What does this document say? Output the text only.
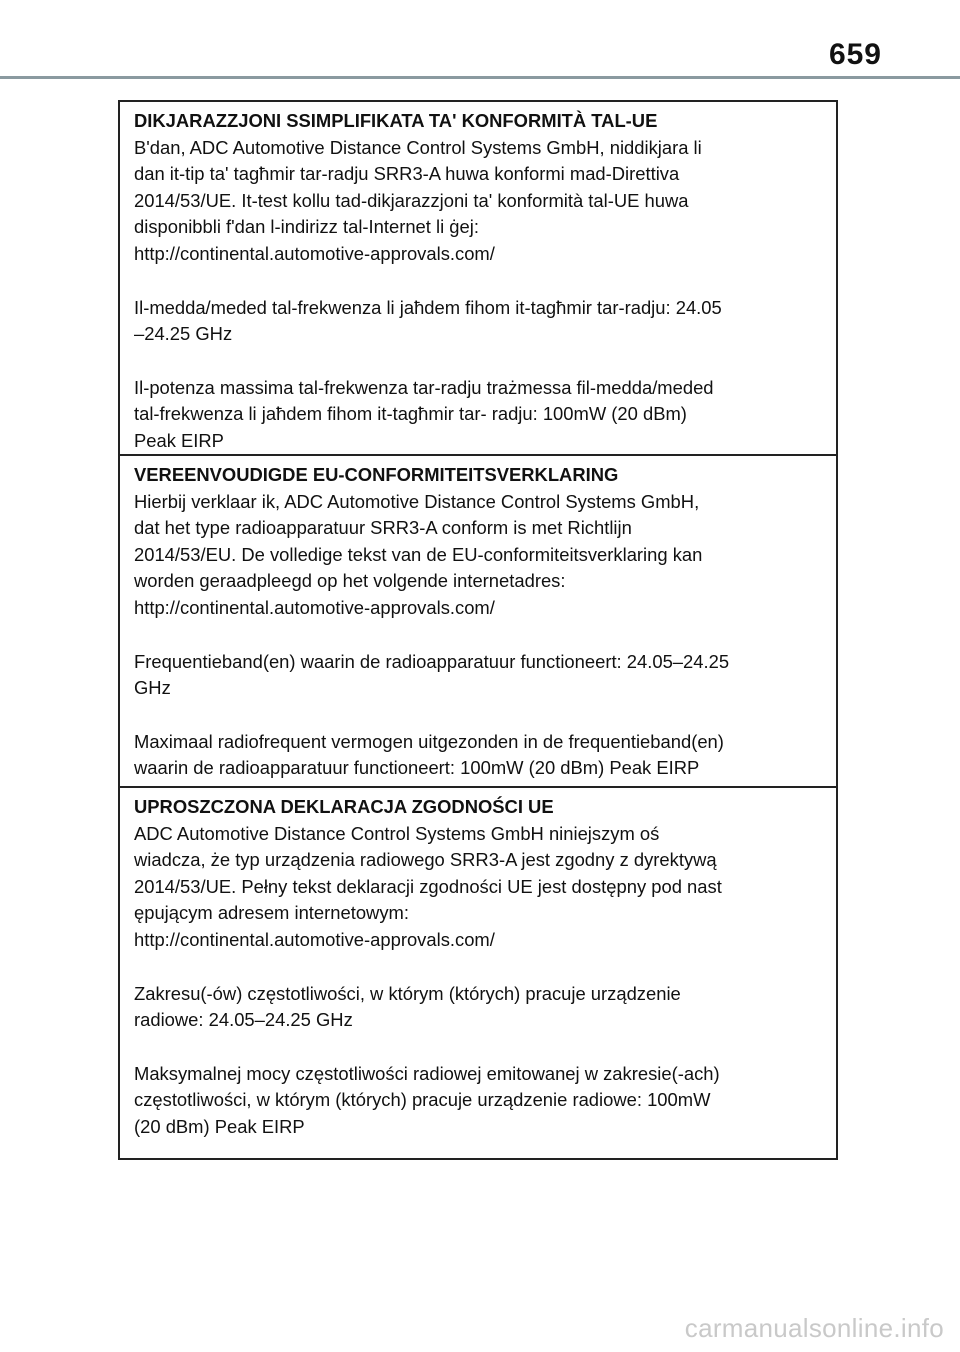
659
DIKJARAZZJONI SSIMPLIFIKATA TA' KONFORMITÀ TAL-UE
B'dan, ADC Automotive Distance Control Systems GmbH, niddikjara li
dan it-tip ta' tagħmir tar-radju SRR3-A huwa konformi mad-Direttiva
2014/53/UE. It-test kollu tad-dikjarazzjoni ta' konformità tal-UE huwa
disponibbli f'dan l-indirizz tal-Internet li ġej:
http://continental.automotive-approvals.com/
Il-medda/meded tal-frekwenza li jaħdem fihom it-tagħmir tar-radju: 24.05
–24.25 GHz
Il-potenza massima tal-frekwenza tar-radju trażmessa fil-medda/meded
tal-frekwenza li jaħdem fihom it-tagħmir tar- radju: 100mW (20 dBm)
Peak EIRP
VEREENVOUDIGDE EU-CONFORMITEITSVERKLARING
Hierbij verklaar ik, ADC Automotive Distance Control Systems GmbH,
dat het type radioapparatuur SRR3-A conform is met Richtlijn
2014/53/EU. De volledige tekst van de EU-conformiteitsverklaring kan
worden geraadpleegd op het volgende internetadres:
http://continental.automotive-approvals.com/
Frequentieband(en) waarin de radioapparatuur functioneert: 24.05–24.25
GHz
Maximaal radiofrequent vermogen uitgezonden in de frequentieband(en)
waarin de radioapparatuur functioneert: 100mW (20 dBm) Peak EIRP
UPROSZCZONA DEKLARACJA ZGODNOŚCI UE
ADC Automotive Distance Control Systems GmbH niniejszym oś
wiadcza, że typ urządzenia radiowego SRR3-A jest zgodny z dyrektywą
2014/53/UE. Pełny tekst deklaracji zgodności UE jest dostępny pod nast
ępującym adresem internetowym:
http://continental.automotive-approvals.com/
Zakresu(-ów) częstotliwości, w którym (których) pracuje urządzenie
radiowe: 24.05–24.25 GHz
Maksymalnej mocy częstotliwości radiowej emitowanej w zakresie(-ach)
częstotliwości, w którym (których) pracuje urządzenie radiowe: 100mW
(20 dBm) Peak EIRP
carmanualsonline.info
